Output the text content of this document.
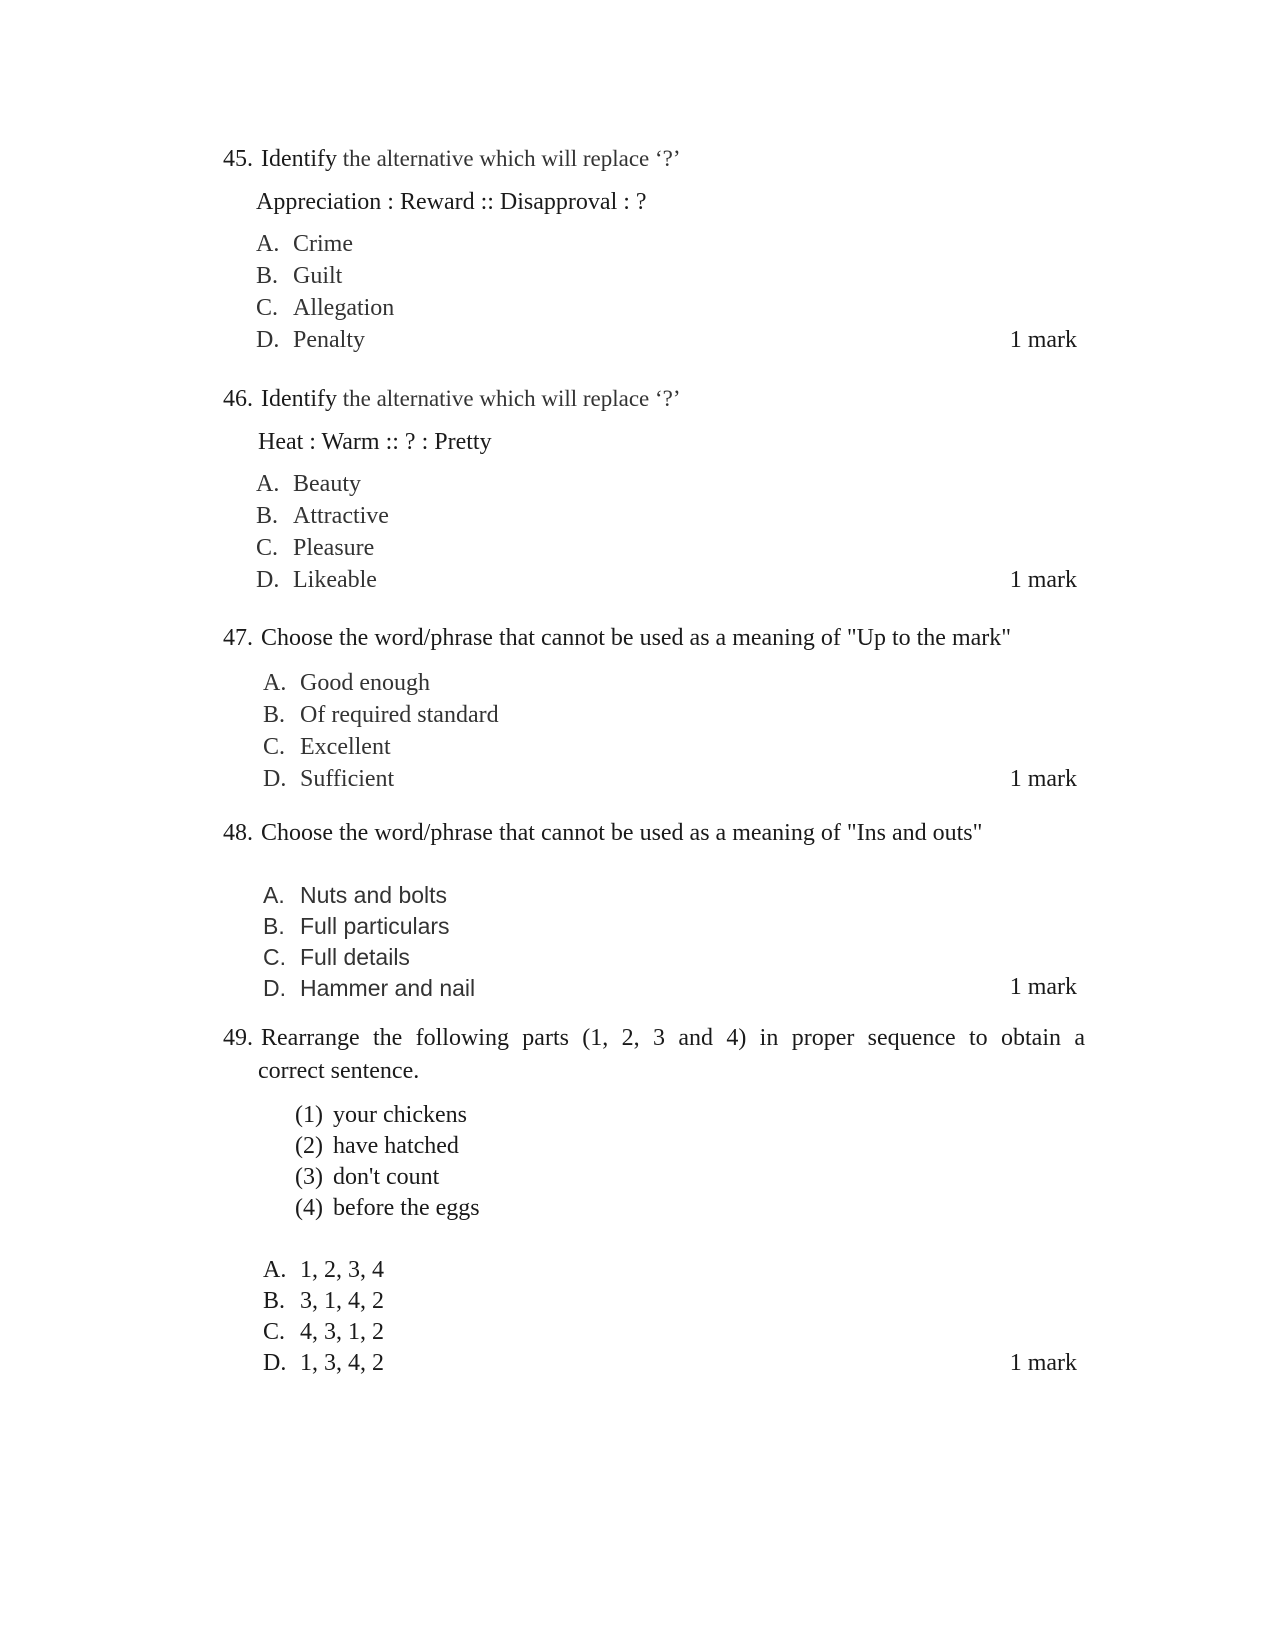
45. Identify the alternative which will replace ‘?’
Appreciation : Reward :: Disapproval : ?
A. Crime
B. Guilt
C. Allegation
D. Penalty	1 mark
46. Identify the alternative which will replace ‘?’
Heat : Warm :: ? : Pretty
A. Beauty
B. Attractive
C. Pleasure
D. Likeable	1 mark
47. Choose the word/phrase that cannot be used as a meaning of "Up to the mark"
A. Good enough
B. Of required standard
C. Excellent
D. Sufficient	1 mark
48. Choose the word/phrase that cannot be used as a meaning of "Ins and outs"
A. Nuts and bolts
B. Full particulars
C. Full details
D. Hammer and nail	1 mark
49. Rearrange the following parts (1, 2, 3 and 4) in proper sequence to obtain a
correct sentence.
(1) your chickens
(2) have hatched
(3) don't count
(4) before the eggs
A. 1, 2, 3, 4
B. 3, 1, 4, 2
C. 4, 3, 1, 2
D. 1, 3, 4, 2	1 mark
